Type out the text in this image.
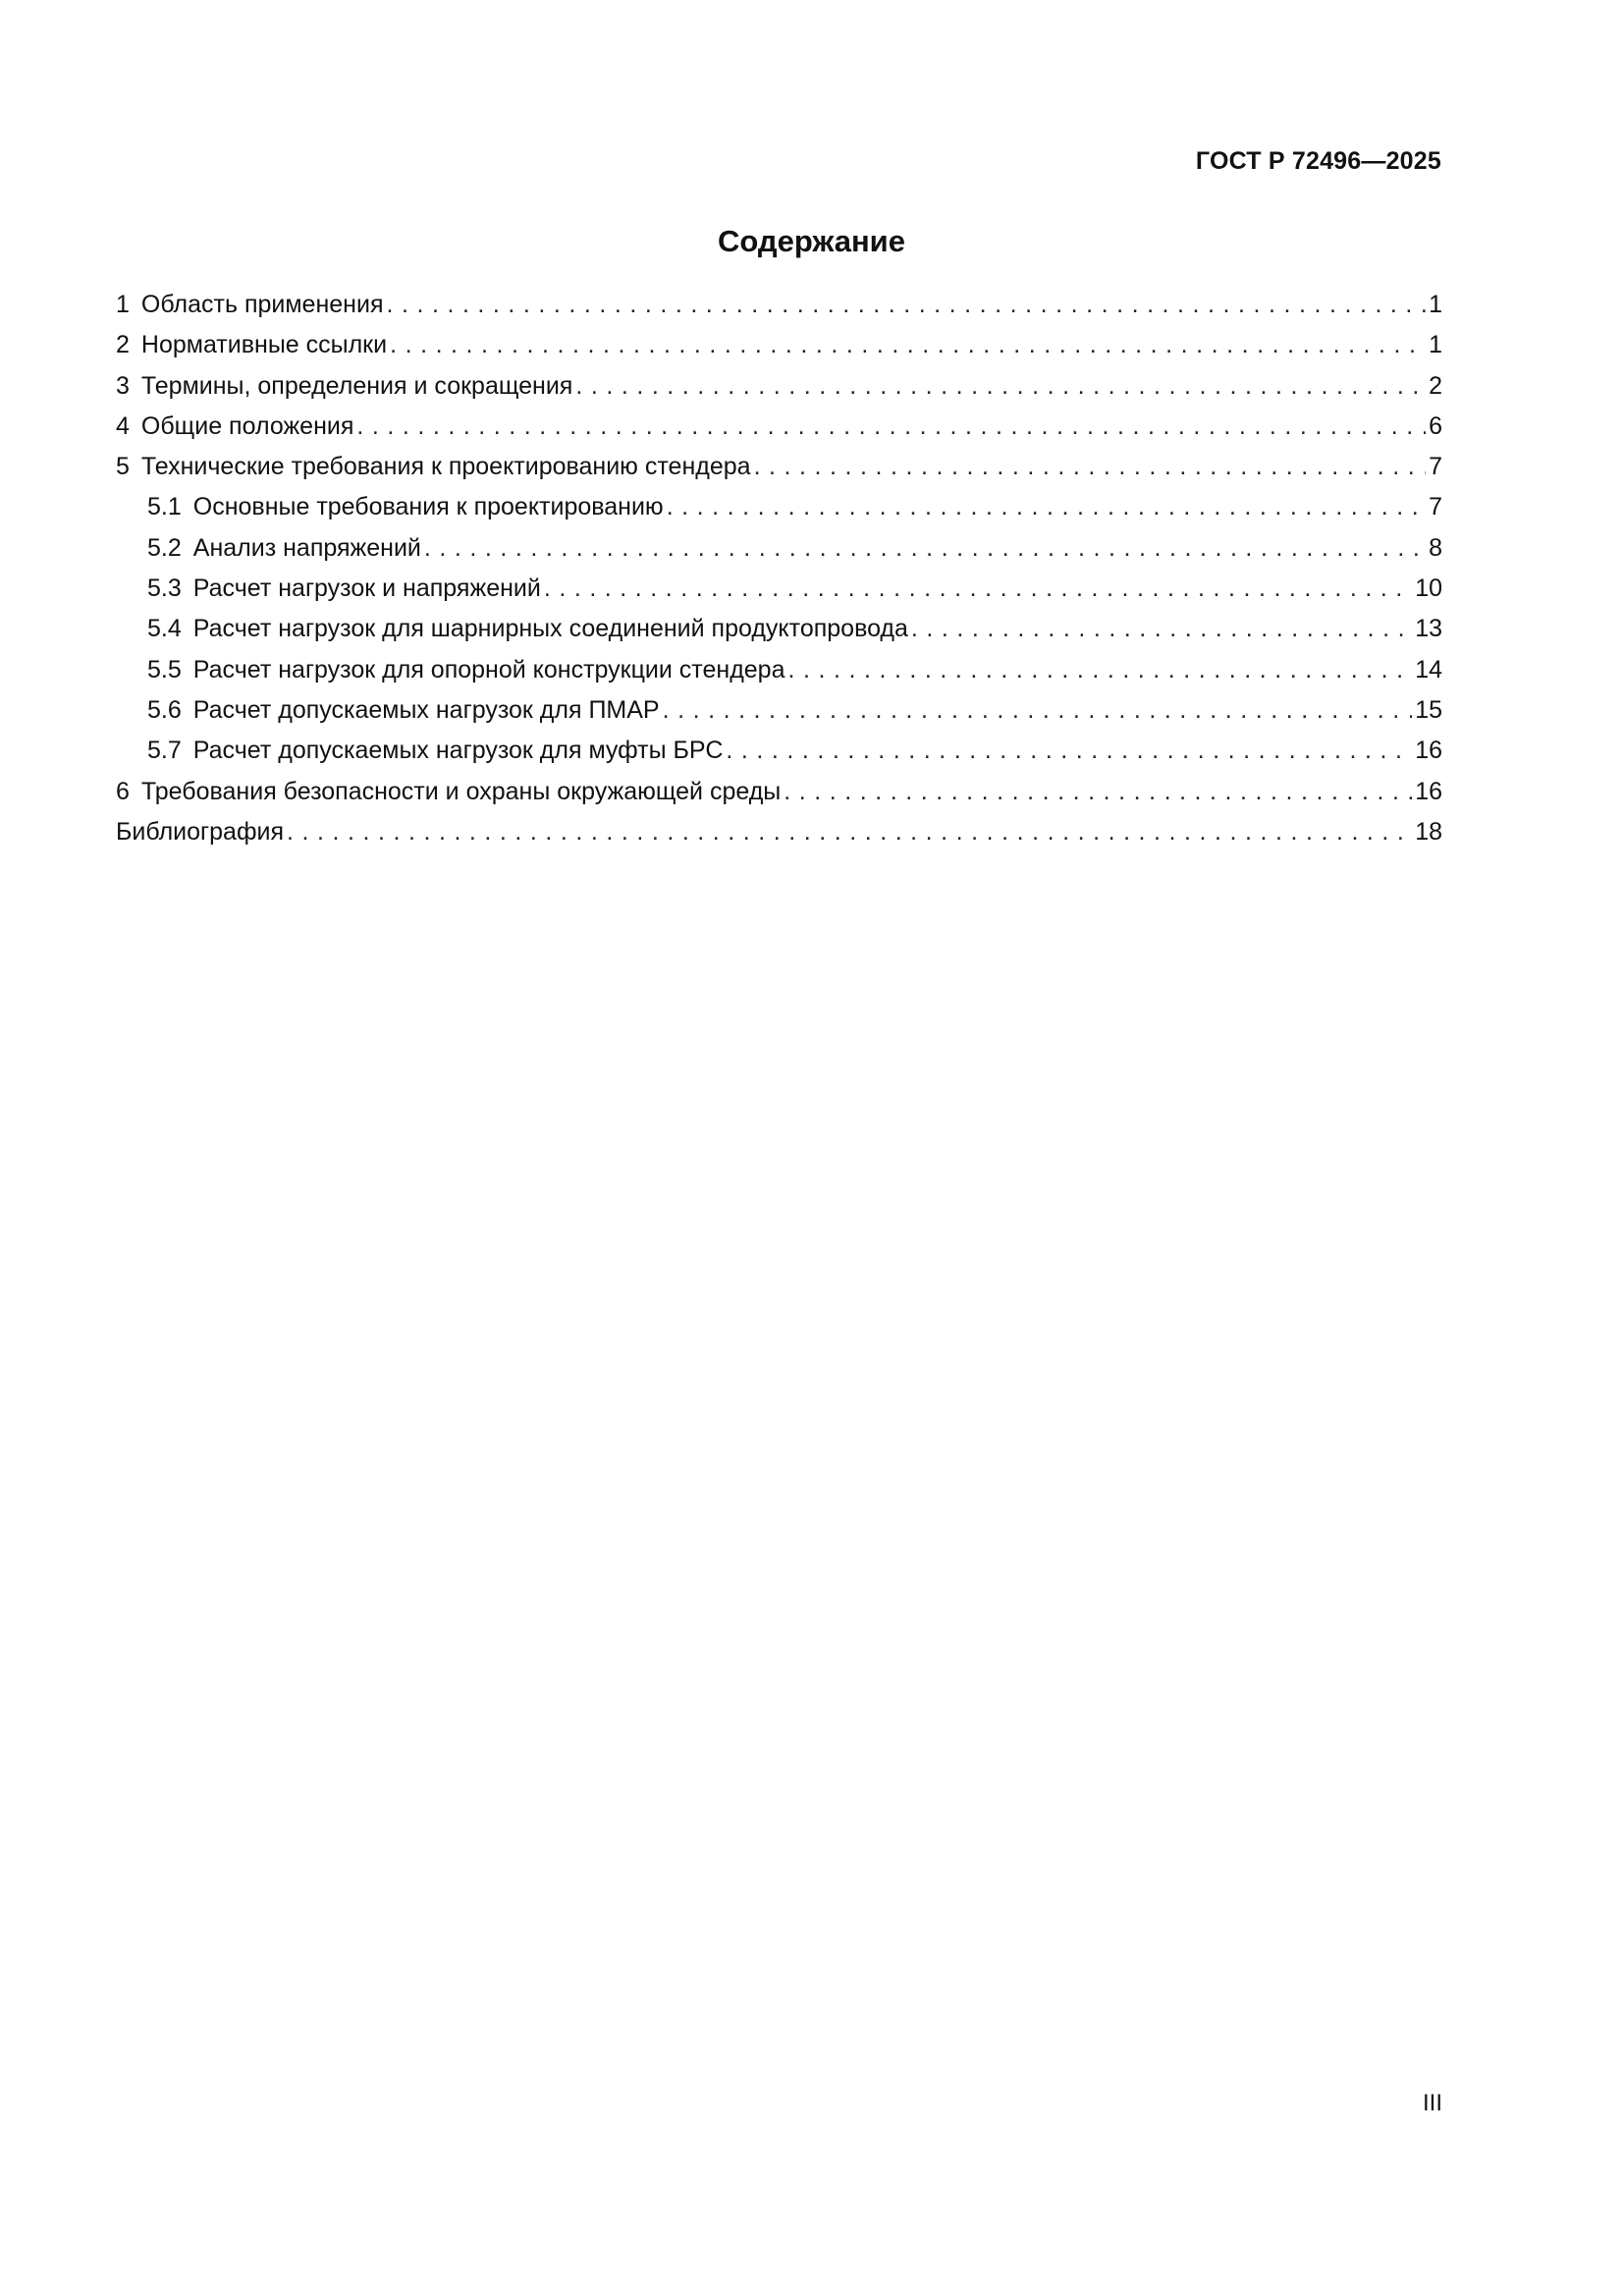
ГОСТ Р 72496—2025
Содержание
1 Область применения . . .	1
2 Нормативные ссылки . . .	1
3 Термины, определения и сокращения . . .	2
4 Общие положения . . .	6
5 Технические требования к проектированию стендера . . .	7
5.1 Основные требования к проектированию . . .	7
5.2 Анализ напряжений . . .	8
5.3 Расчет нагрузок и напряжений . . .	10
5.4 Расчет нагрузок для шарнирных соединений продуктопровода . . .	13
5.5 Расчет нагрузок для опорной конструкции стендера . . .	14
5.6 Расчет допускаемых нагрузок для ПМАР . . .	15
5.7 Расчет допускаемых нагрузок для муфты БРС . . .	16
6 Требования безопасности и охраны окружающей среды . . .	16
Библиография . . .	18
III
